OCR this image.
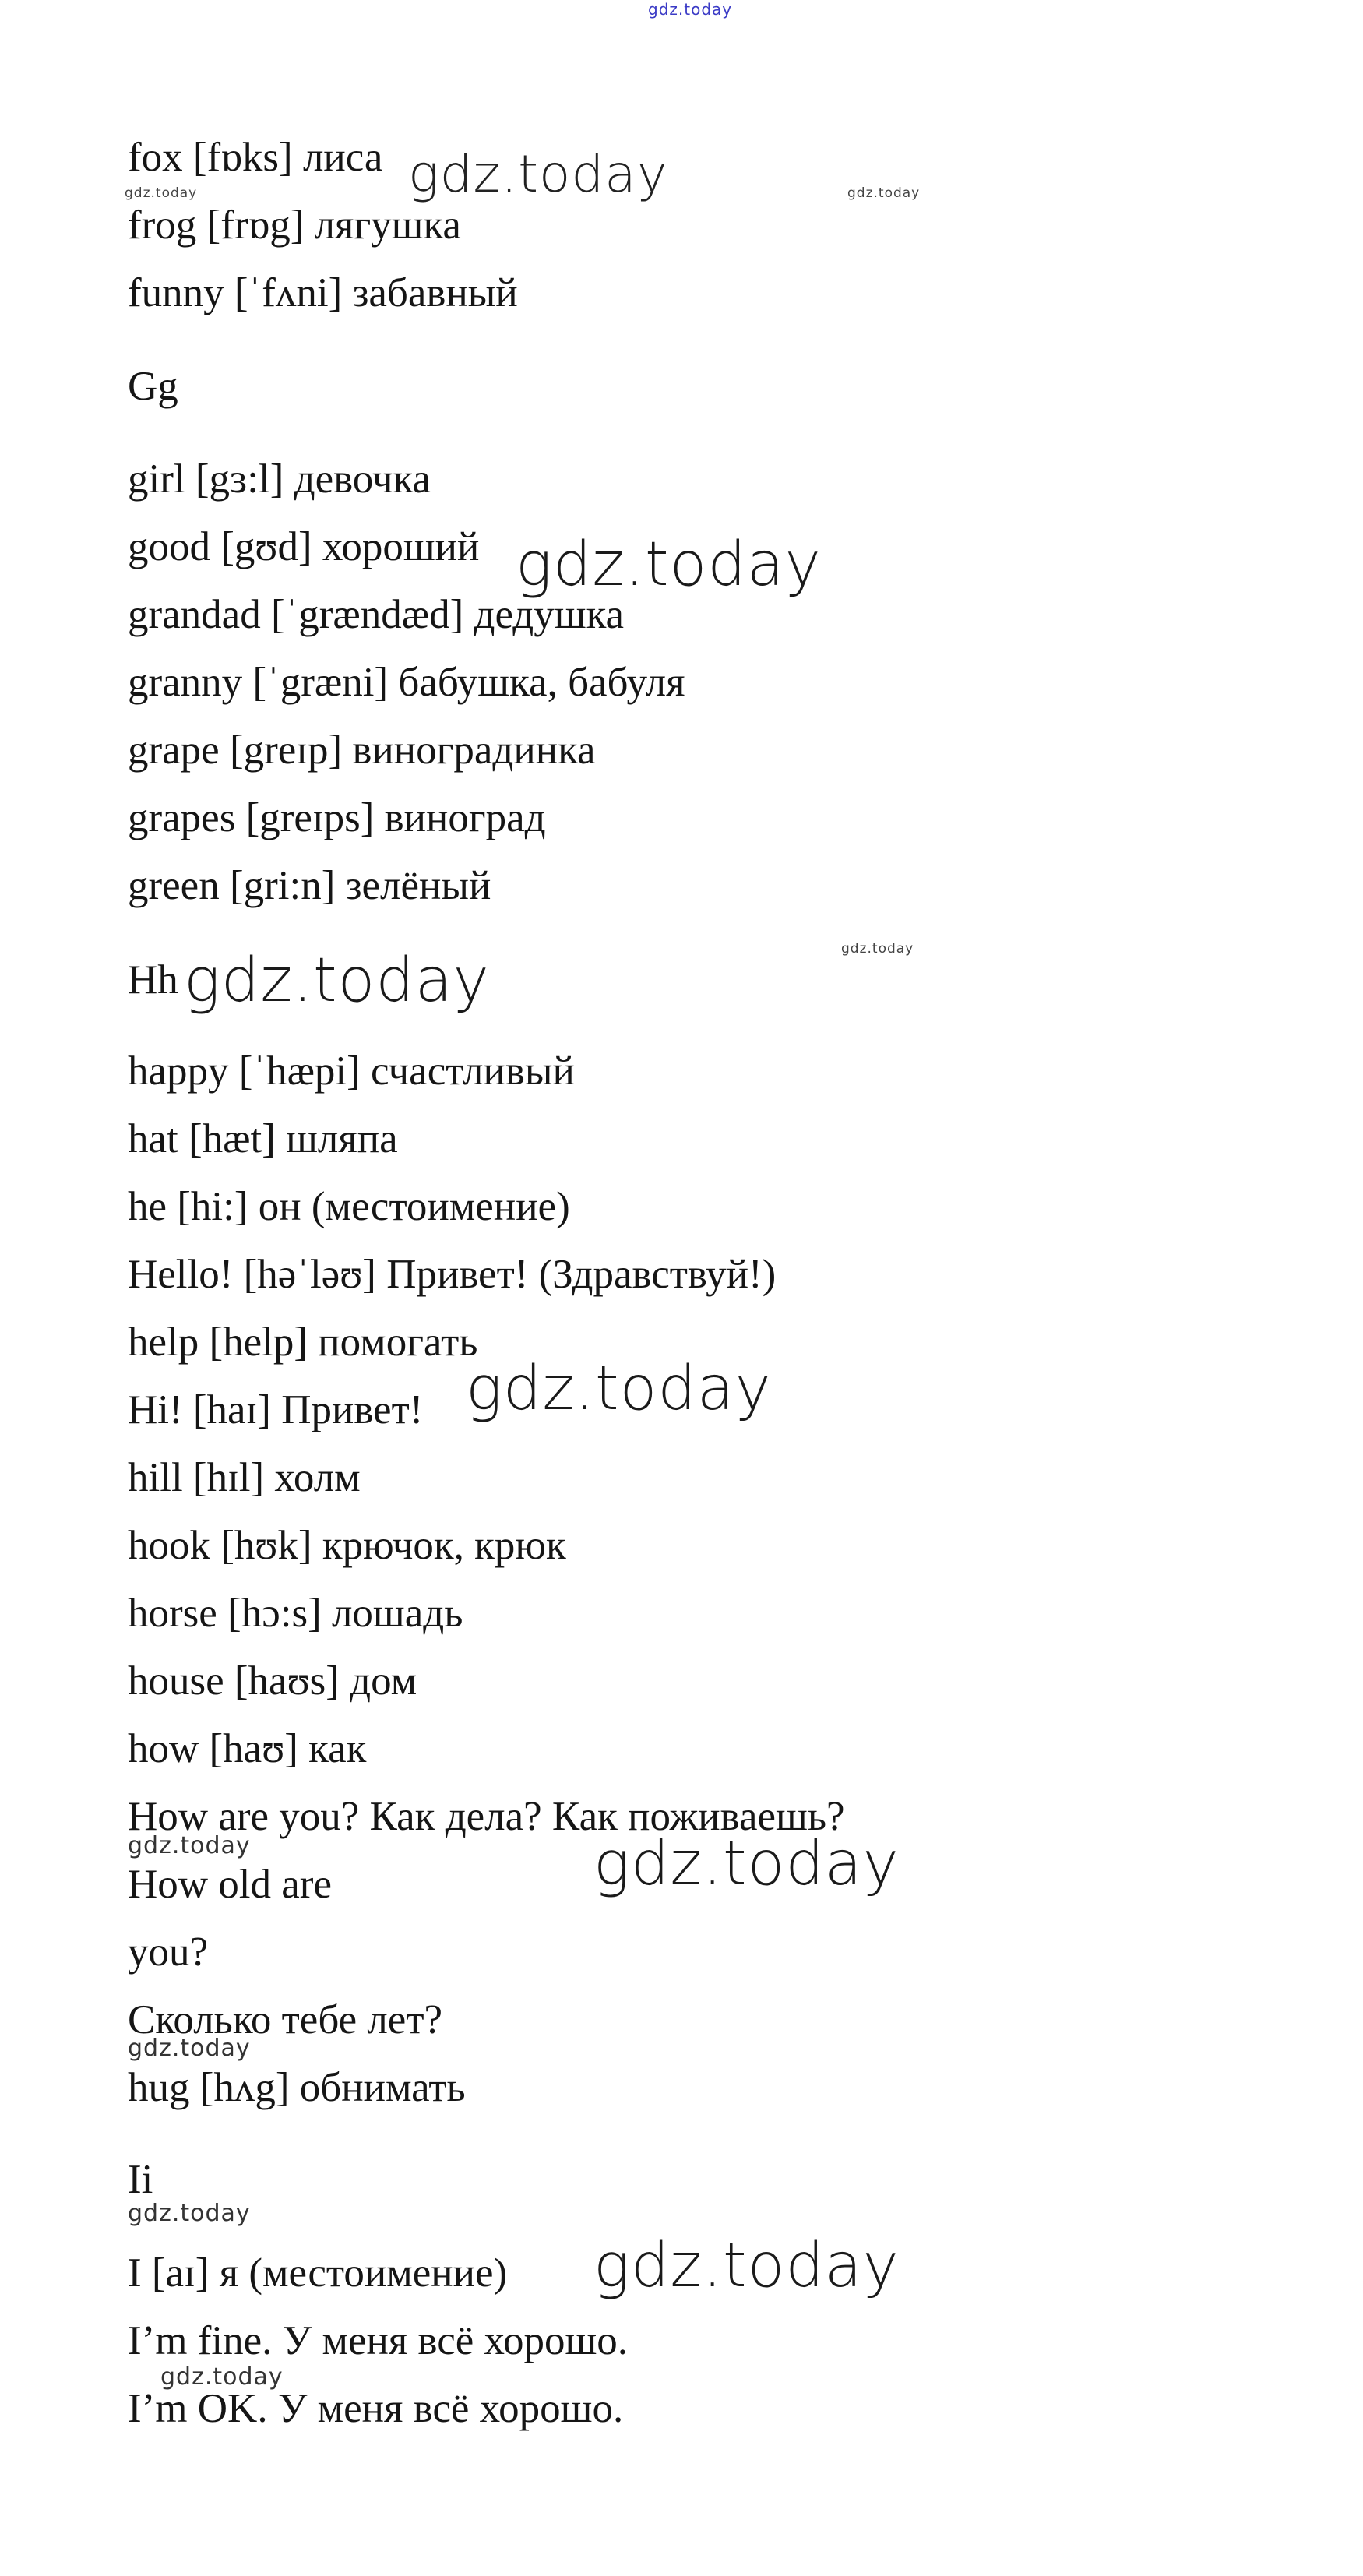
gdz.today
fox [fɒks] лиса
frog [frɒg] лягушка
funny [ˈfʌni] забавный
Gg
girl [gɜ:l] девочка
good [gʊd] хороший
grandad [ˈgrændæd] дедушка
granny [ˈgræni] бабушка, бабуля
grape [greɪp] виноградинка
grapes [greɪps] виноград
green [gri:n] зелёный
Hh
happy [ˈhæpi] счастливый
hat [hæt] шляпа
he [hi:] он (местоимение)
Hello! [həˈləʊ] Привет! (Здравствуй!)
help [help] помогать
Hi! [haɪ] Привет!
hill [hɪl] холм
hook [hʊk] крючок, крюк
horse [hɔ:s] лошадь
house [haʊs] дом
how [haʊ] как
How are you? Как дела? Как поживаешь?
How old are
you?
Сколько тебе лет?
hug [hʌg] обнимать
Ii
I [aɪ] я (местоимение)
I’m fine. У меня всё хорошо.
I’m OK. У меня всё хорошо.
gdz.today
gdz.today	gdz.today
gdz.today
gdz.today
gdz.today
gdz.today
gdz.today
gdz.today
gdz.today
gdz.today
gdz.today
gdz.today
